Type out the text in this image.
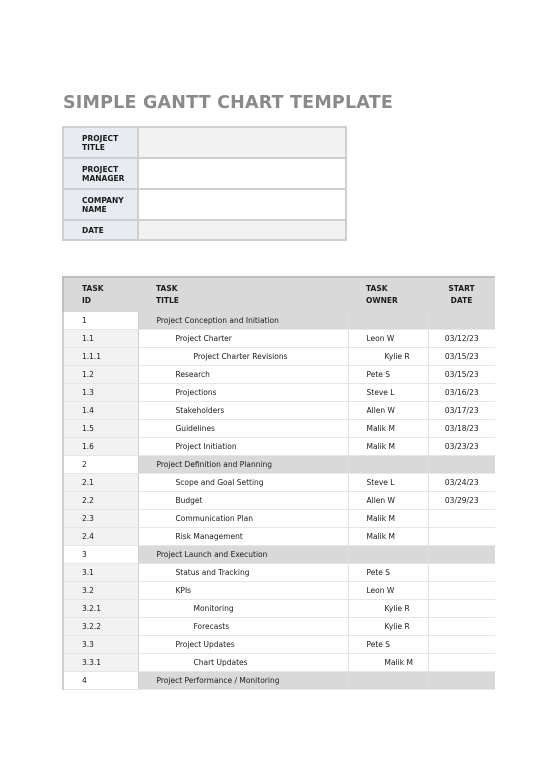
SIMPLE GANTT CHART TEMPLATE
PROJECT TITLE	
PROJECT MANAGER	
COMPANY NAME	
DATE	
TASK ID	TASK TITLE	TASK OWNER	START DATE
1	Project Conception and Initiation		
1.1	Project Charter	Leon W	03/12/23
1.1.1	Project Charter Revisions	Kylie R	03/15/23
1.2	Research	Pete S	03/15/23
1.3	Projections	Steve L	03/16/23
1.4	Stakeholders	Allen W	03/17/23
1.5	Guidelines	Malik M	03/18/23
1.6	Project Initiation	Malik M	03/23/23
2	Project Definition and Planning		
2.1	Scope and Goal Setting	Steve L	03/24/23
2.2	Budget	Allen W	03/29/23
2.3	Communication Plan	Malik M	
2.4	Risk Management	Malik M	
3	Project Launch and Execution		
3.1	Status and Tracking	Pete S	
3.2	KPIs	Leon W	
3.2.1	Monitoring	Kylie R	
3.2.2	Forecasts	Kylie R	
3.3	Project Updates	Pete S	
3.3.1	Chart Updates	Malik M	
4	Project Performance / Monitoring		
